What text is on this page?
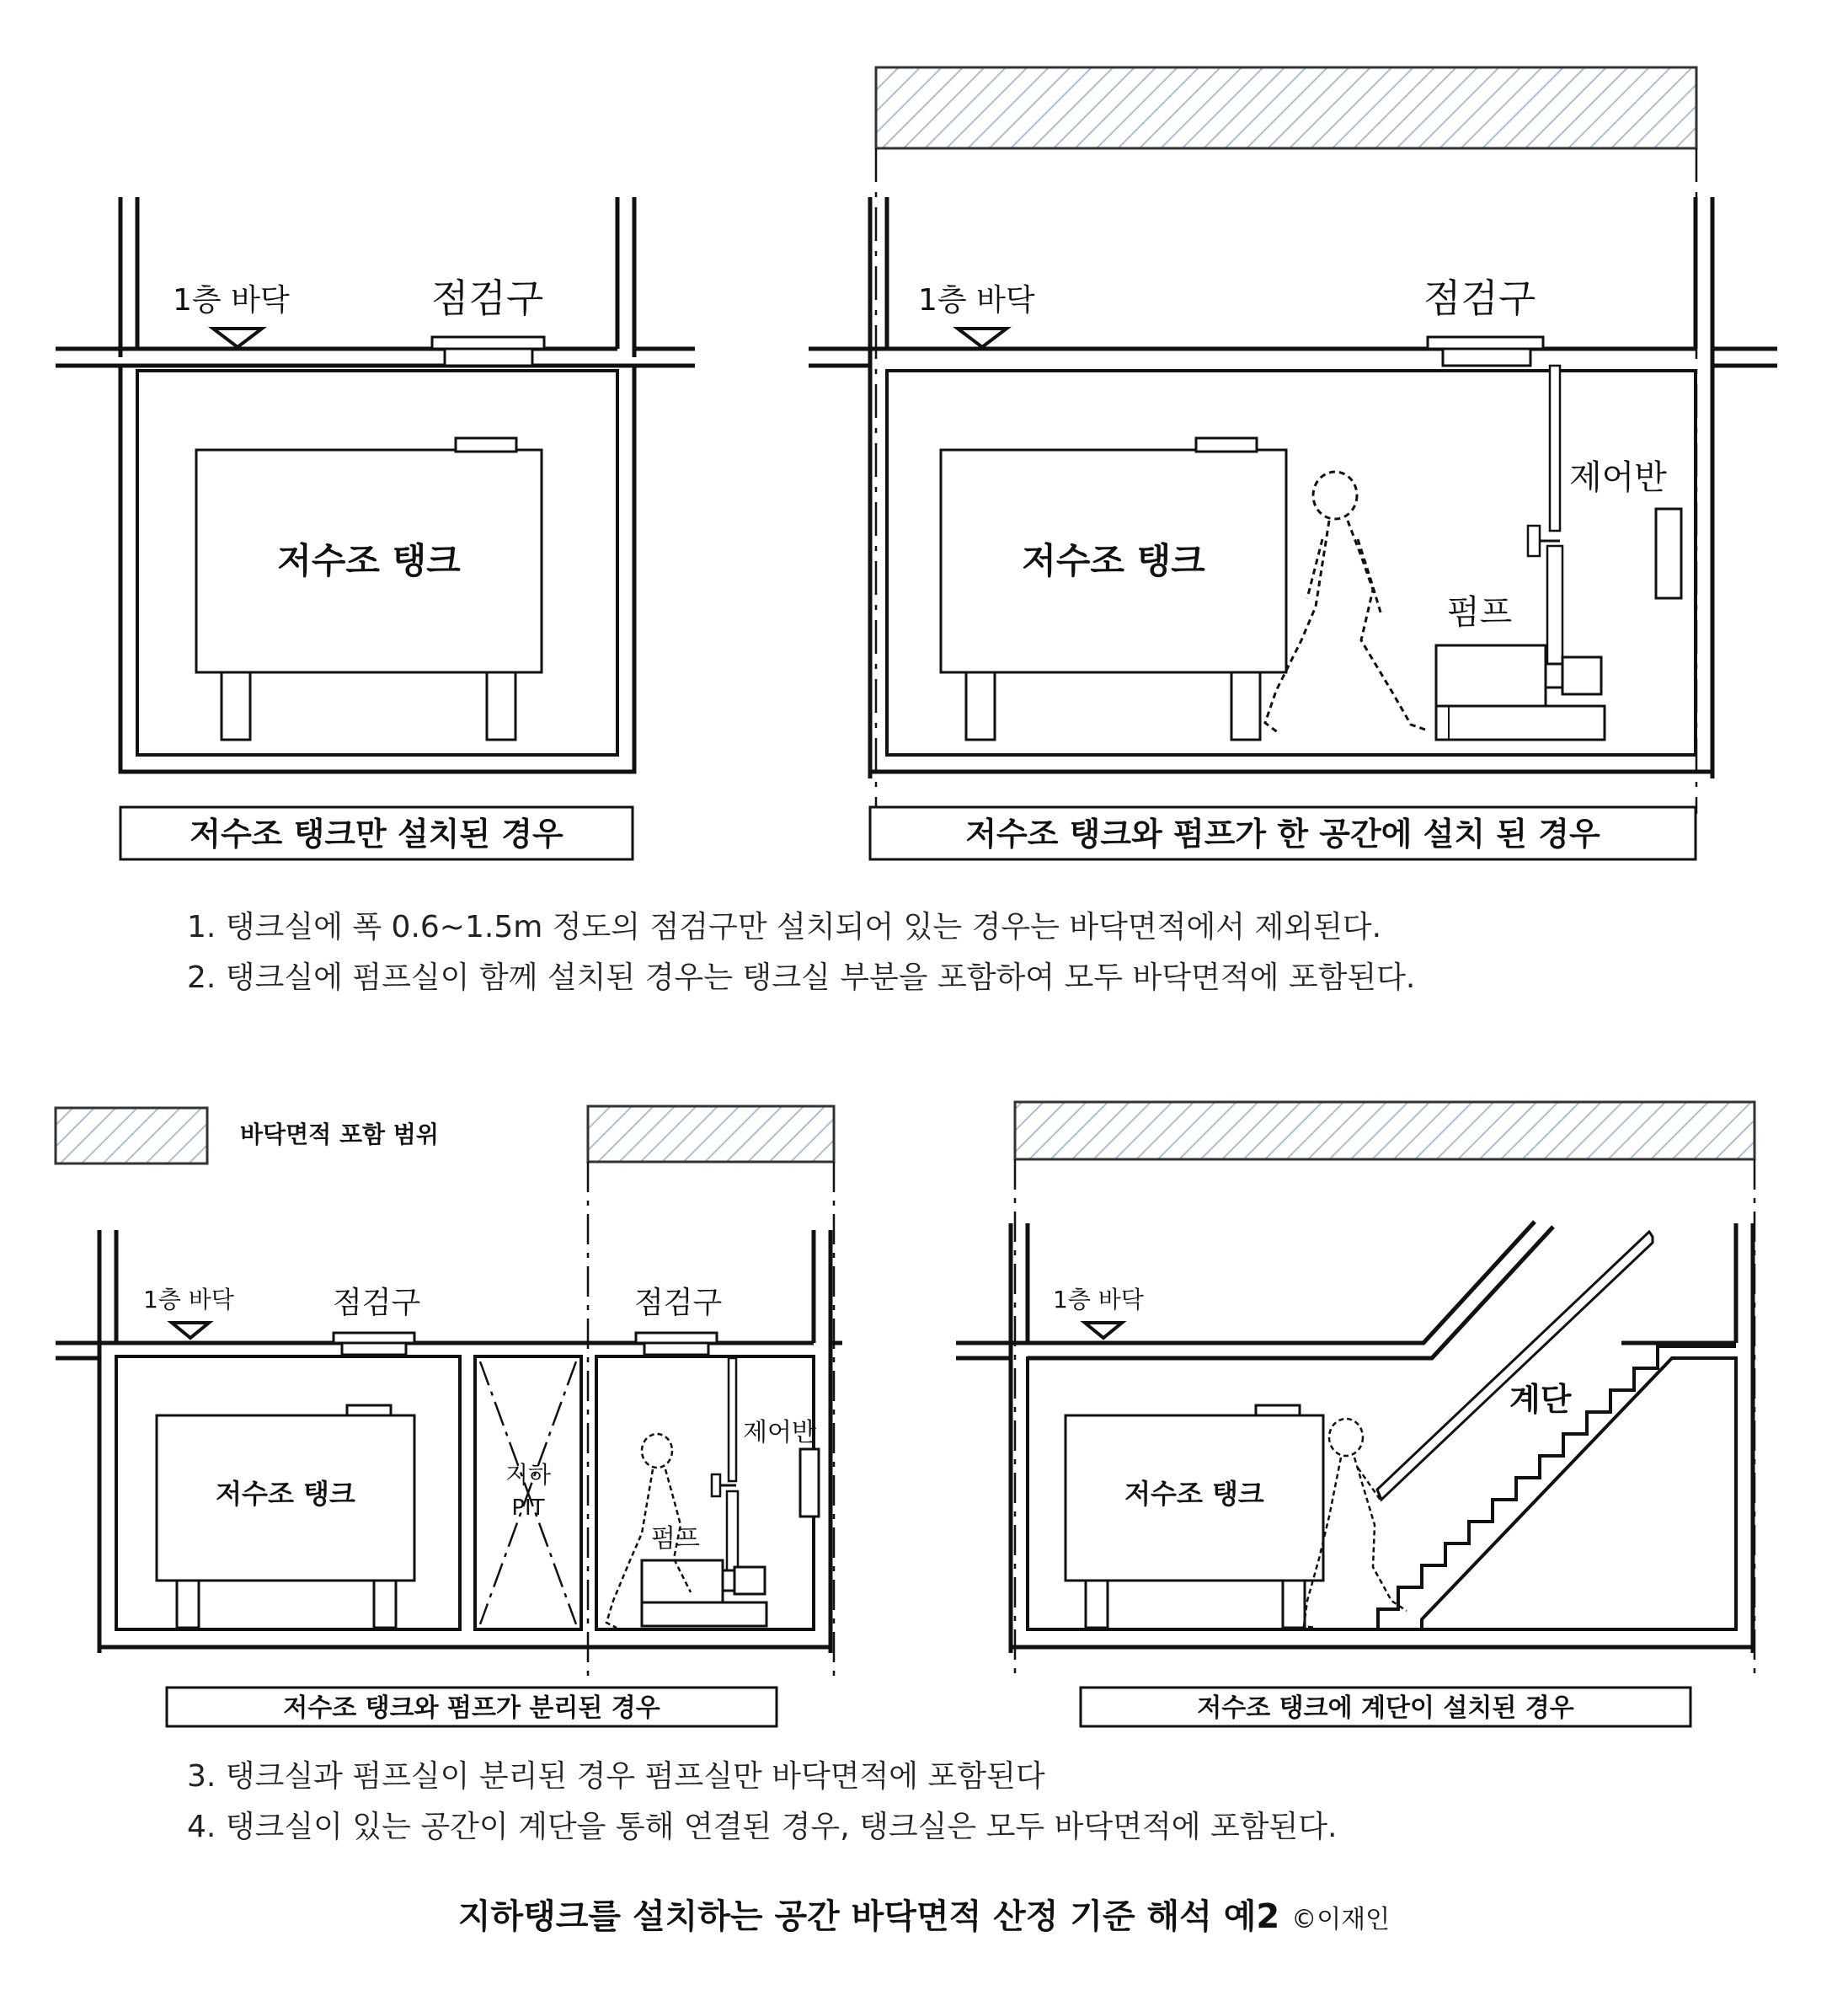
1층 바닥	점검구
저수조 탱크
저수조 탱크만 설치된 경우
1층 바닥	점검구
저수조 탱크
제어반
펌프
저수조 탱크와 펌프가 한 공간에 설치 된 경우
바닥면적 포함 범위
1층 바닥	점검구	점검구
저수조 탱크
지하
PIT
제어반
펌프
저수조 탱크와 펌프가 분리된 경우
1층 바닥
저수조 탱크
계단
저수조 탱크에 계단이 설치된 경우
1. 탱크실에 폭 0.6~1.5m 정도의 점검구만 설치되어 있는 경우는 바닥면적에서 제외된다.
2. 탱크실에 펌프실이 함께 설치된 경우는 탱크실 부분을 포함하여 모두 바닥면적에 포함된다.
3. 탱크실과 펌프실이 분리된 경우 펌프실만 바닥면적에 포함된다
4. 탱크실이 있는 공간이 계단을 통해 연결된 경우, 탱크실은 모두 바닥면적에 포함된다.
지하탱크를 설치하는 공간 바닥면적 산정 기준 해석 예2 ©이재인
